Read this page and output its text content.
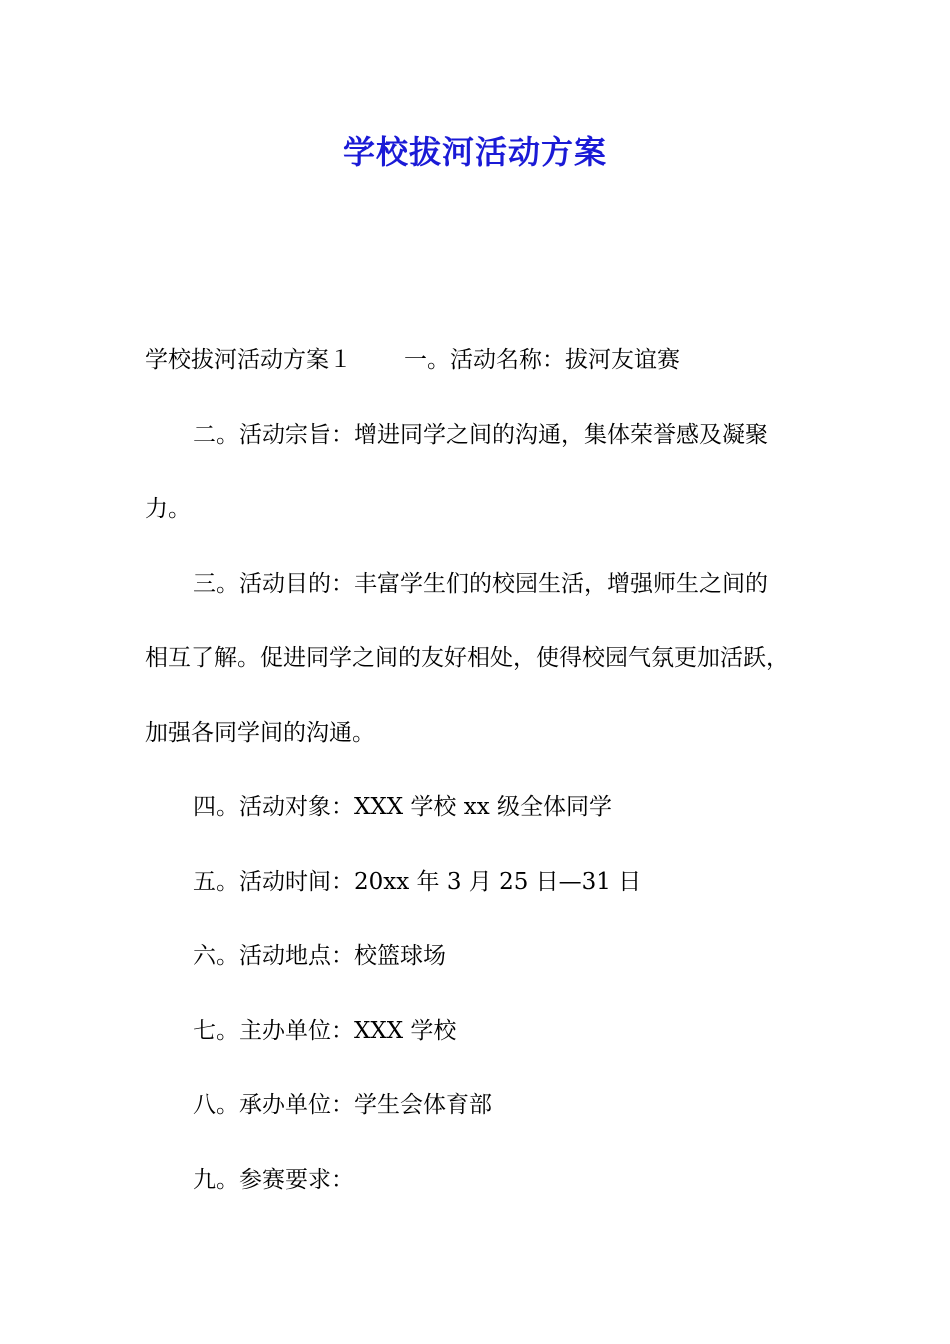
学校拔河活动方案

学校拔河活动方案１ 一。活动名称：拔河友谊赛

二。活动宗旨：增进同学之间的沟通，集体荣誉感及凝聚

力。

三。活动目的：丰富学生们的校园生活，增强师生之间的

相互了解。促进同学之间的友好相处，使得校园气氛更加活跃，

加强各同学间的沟通。

四。活动对象：XXX 学校 xx 级全体同学

五。活动时间：20xx 年 3 月 25 日—31 日

六。活动地点：校篮球场

七。主办单位：XXX 学校

八。承办单位：学生会体育部

九。参赛要求：
